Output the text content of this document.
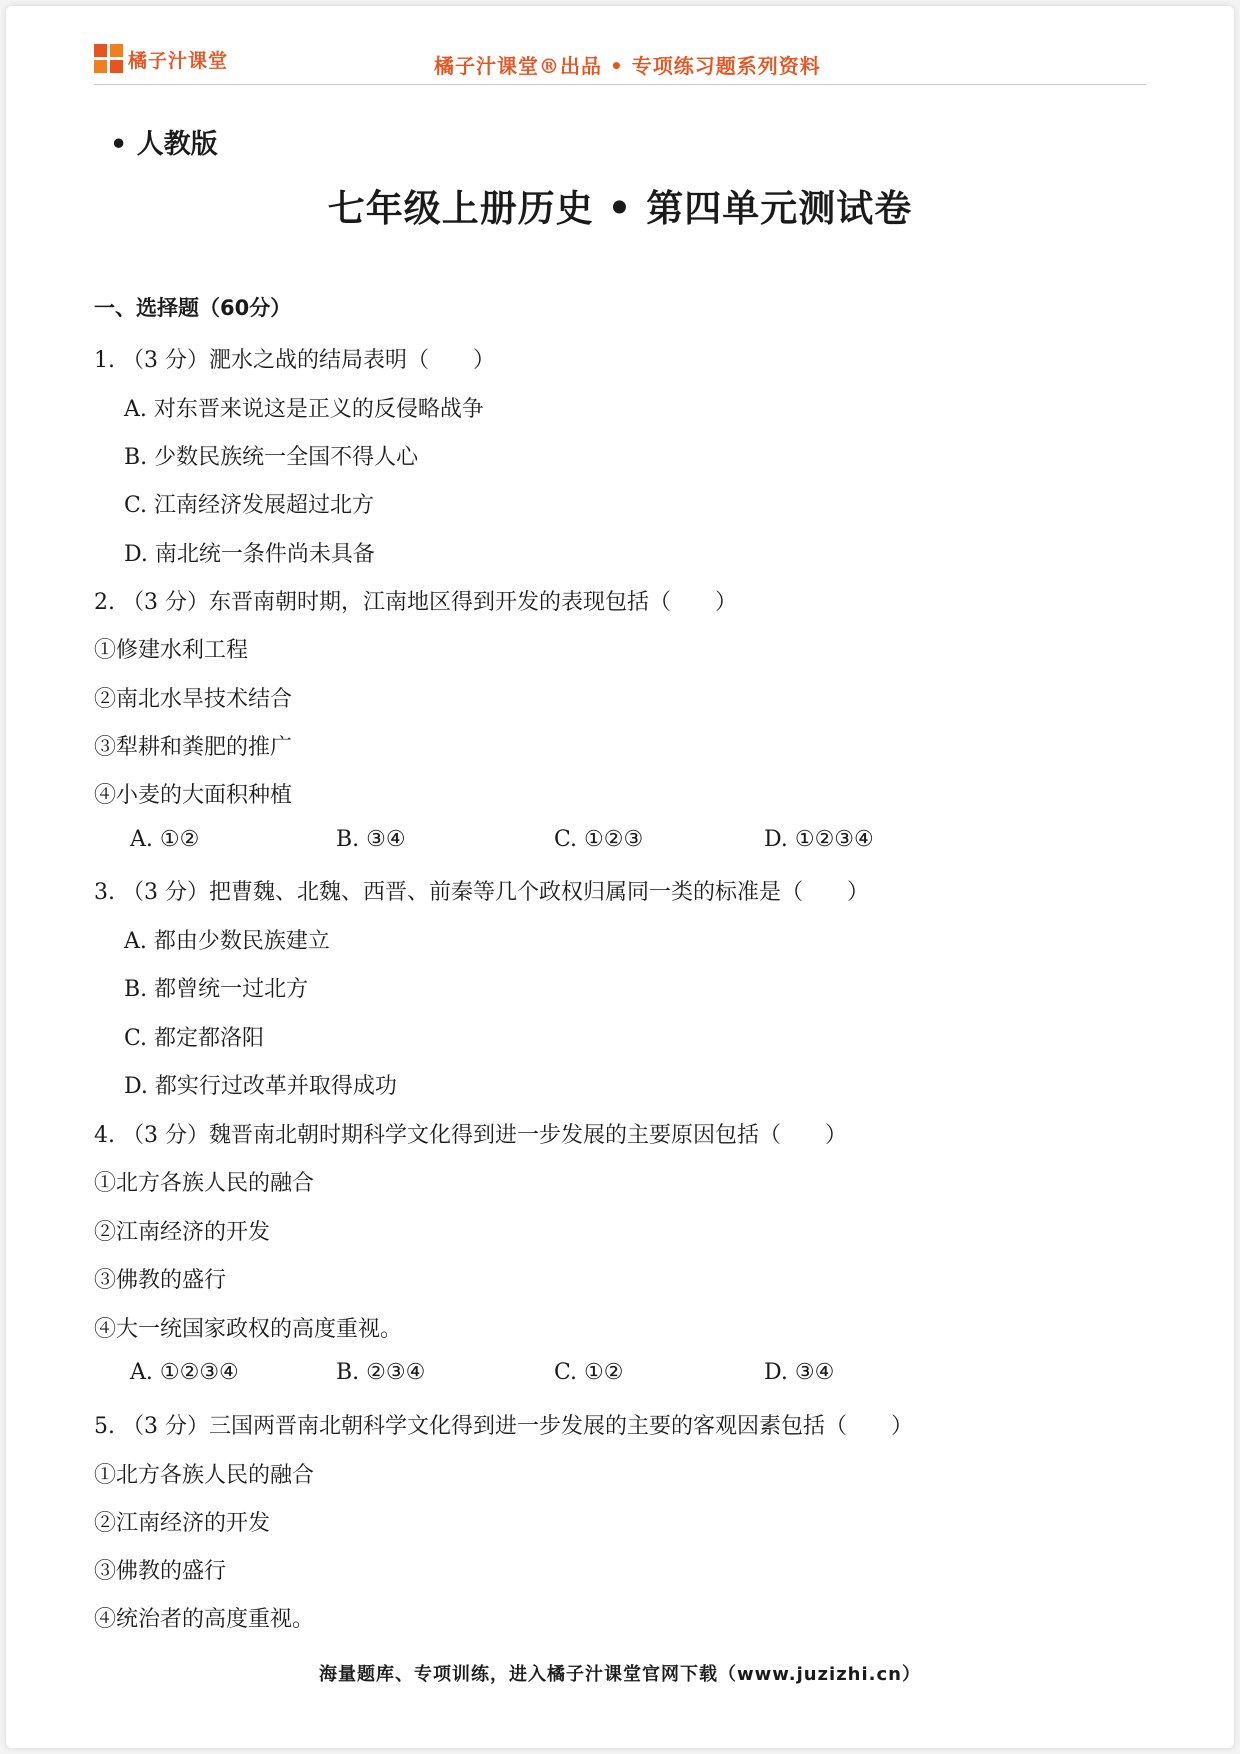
橘子汁课堂	橘子汁课堂®出品 • 专项练习题系列资料
• 人教版
七年级上册历史 • 第四单元测试卷
一、选择题（60分）
1. （3 分）淝水之战的结局表明（　　）
A. 对东晋来说这是正义的反侵略战争
B. 少数民族统一全国不得人心
C. 江南经济发展超过北方
D. 南北统一条件尚未具备
2. （3 分）东晋南朝时期，江南地区得到开发的表现包括（　　）
①修建水利工程
②南北水旱技术结合
③犁耕和粪肥的推广
④小麦的大面积种植
A. ①②	B. ③④	C. ①②③	D. ①②③④
3. （3 分）把曹魏、北魏、西晋、前秦等几个政权归属同一类的标准是（　　）
A. 都由少数民族建立
B. 都曾统一过北方
C. 都定都洛阳
D. 都实行过改革并取得成功
4. （3 分）魏晋南北朝时期科学文化得到进一步发展的主要原因包括（　　）
①北方各族人民的融合
②江南经济的开发
③佛教的盛行
④大一统国家政权的高度重视。
A. ①②③④	B. ②③④	C. ①②	D. ③④
5. （3 分）三国两晋南北朝科学文化得到进一步发展的主要的客观因素包括（　　）
①北方各族人民的融合
②江南经济的开发
③佛教的盛行
④统治者的高度重视。
海量题库、专项训练，进入橘子汁课堂官网下载（www.juzizhi.cn）
